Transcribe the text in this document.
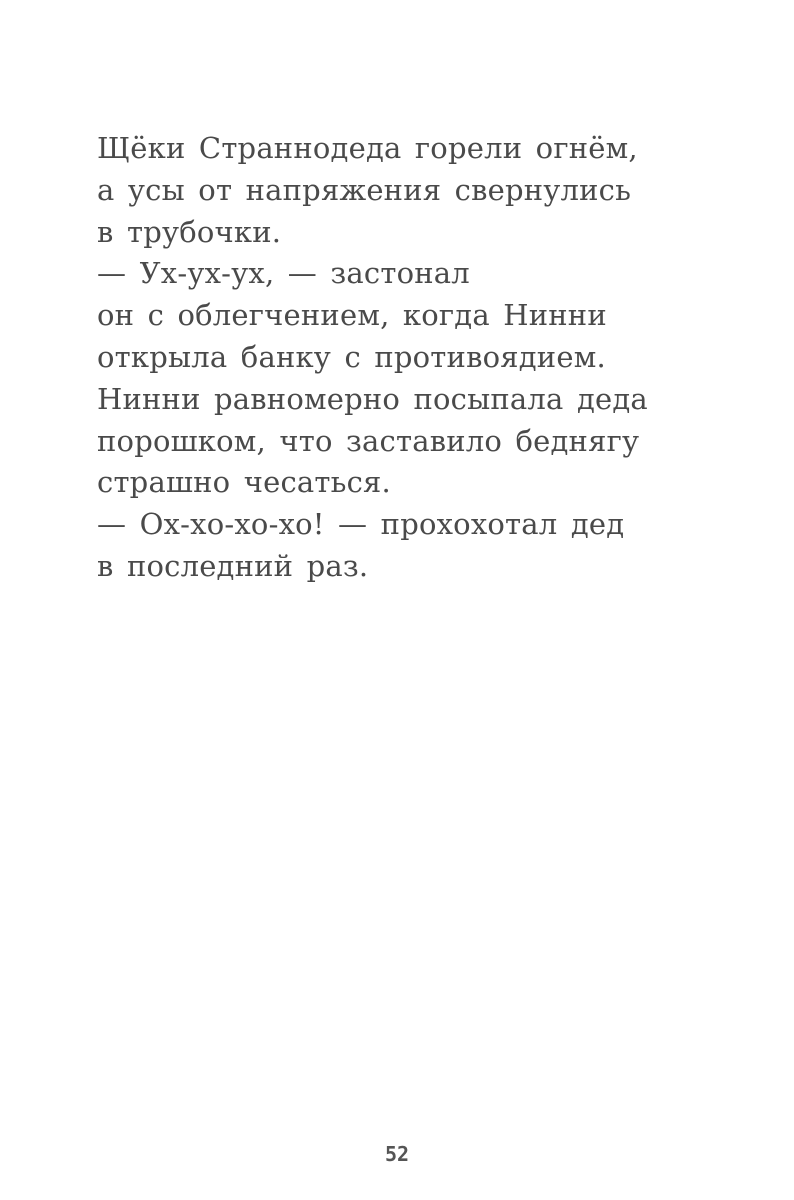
Щёки Страннодеда горели огнём,
а усы от напряжения свернулись
в трубочки.
— Ух-ух-ух, — застонал
он с облегчением, когда Нинни
открыла банку с противоядием.
Нинни равномерно посыпала деда
порошком, что заставило беднягу
страшно чесаться.
— Ох-хо-хо-хо! — прохохотал дед
в последний раз.
52
